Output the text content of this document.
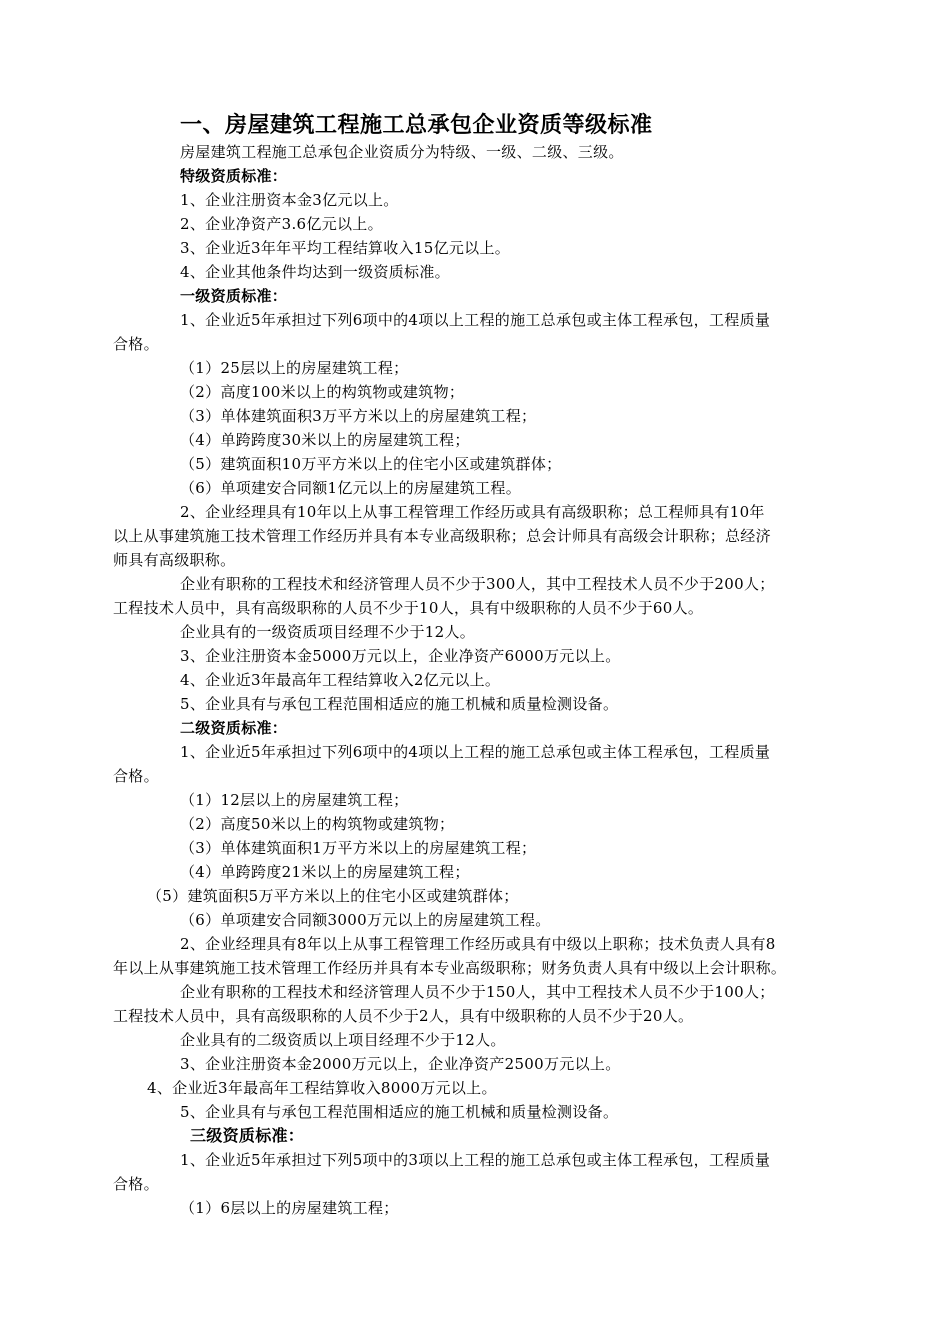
一、房屋建筑工程施工总承包企业资质等级标准
房屋建筑工程施工总承包企业资质分为特级、一级、二级、三级。
特级资质标准：
1、企业注册资本金3亿元以上。
2、企业净资产3.6亿元以上。
3、企业近3年年平均工程结算收入15亿元以上。
4、企业其他条件均达到一级资质标准。
一级资质标准：
1、企业近5年承担过下列6项中的4项以上工程的施工总承包或主体工程承包，工程质量
合格。
（1）25层以上的房屋建筑工程；
（2）高度100米以上的构筑物或建筑物；
（3）单体建筑面积3万平方米以上的房屋建筑工程；
（4）单跨跨度30米以上的房屋建筑工程；
（5）建筑面积10万平方米以上的住宅小区或建筑群体；
（6）单项建安合同额1亿元以上的房屋建筑工程。
2、企业经理具有10年以上从事工程管理工作经历或具有高级职称；总工程师具有10年
以上从事建筑施工技术管理工作经历并具有本专业高级职称；总会计师具有高级会计职称；总经济
师具有高级职称。
企业有职称的工程技术和经济管理人员不少于300人，其中工程技术人员不少于200人；
工程技术人员中，具有高级职称的人员不少于10人，具有中级职称的人员不少于60人。
企业具有的一级资质项目经理不少于12人。
3、企业注册资本金5000万元以上，企业净资产6000万元以上。
4、企业近3年最高年工程结算收入2亿元以上。
5、企业具有与承包工程范围相适应的施工机械和质量检测设备。
二级资质标准：
1、企业近5年承担过下列6项中的4项以上工程的施工总承包或主体工程承包，工程质量
合格。
（1）12层以上的房屋建筑工程；
（2）高度50米以上的构筑物或建筑物；
（3）单体建筑面积1万平方米以上的房屋建筑工程；
（4）单跨跨度21米以上的房屋建筑工程；
（5）建筑面积5万平方米以上的住宅小区或建筑群体；
（6）单项建安合同额3000万元以上的房屋建筑工程。
2、企业经理具有8年以上从事工程管理工作经历或具有中级以上职称；技术负责人具有8
年以上从事建筑施工技术管理工作经历并具有本专业高级职称；财务负责人具有中级以上会计职称。
企业有职称的工程技术和经济管理人员不少于150人，其中工程技术人员不少于100人；
工程技术人员中，具有高级职称的人员不少于2人，具有中级职称的人员不少于20人。
企业具有的二级资质以上项目经理不少于12人。
3、企业注册资本金2000万元以上，企业净资产2500万元以上。
4、企业近3年最高年工程结算收入8000万元以上。
5、企业具有与承包工程范围相适应的施工机械和质量检测设备。
三级资质标准：
1、企业近5年承担过下列5项中的3项以上工程的施工总承包或主体工程承包，工程质量
合格。
（1）6层以上的房屋建筑工程；
